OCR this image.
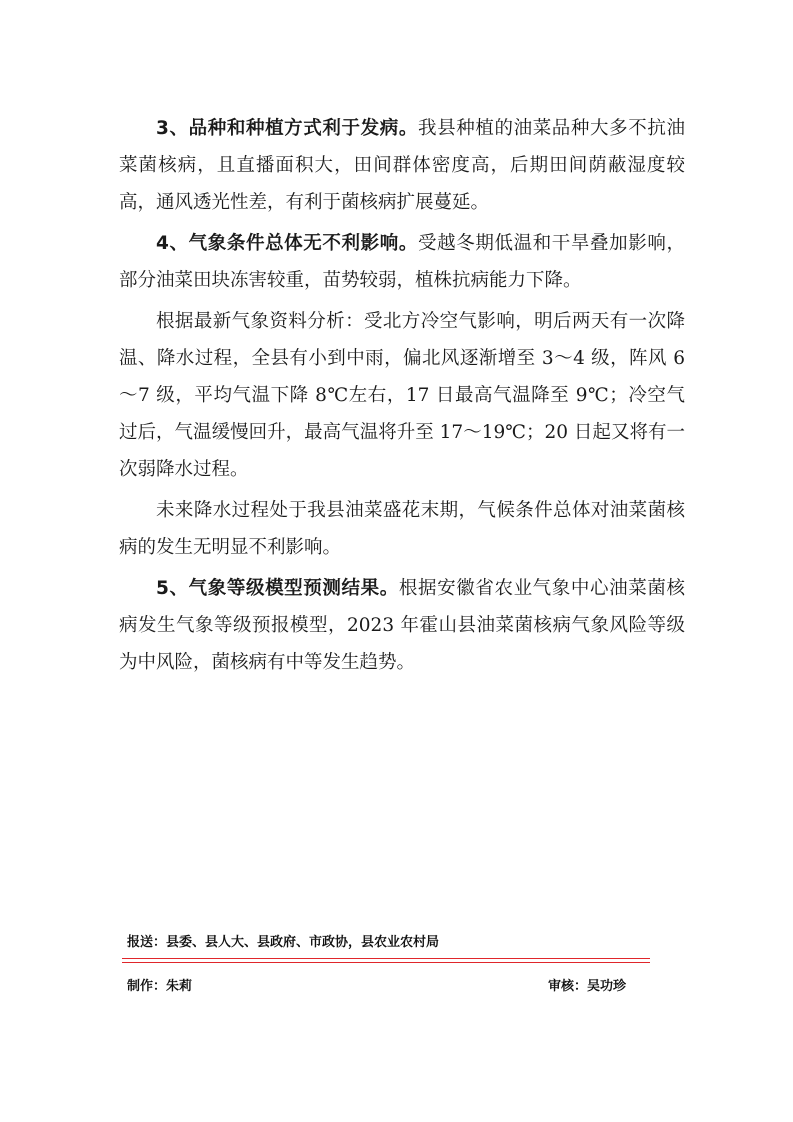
3、品种和种植方式利于发病。我县种植的油菜品种大多不抗油菜菌核病，且直播面积大，田间群体密度高，后期田间荫蔽湿度较高，通风透光性差，有利于菌核病扩展蔓延。

4、气象条件总体无不利影响。受越冬期低温和干旱叠加影响，部分油菜田块冻害较重，苗势较弱，植株抗病能力下降。

根据最新气象资料分析：受北方冷空气影响，明后两天有一次降温、降水过程，全县有小到中雨，偏北风逐渐增至 3～4 级，阵风 6～7 级，平均气温下降 8℃左右，17 日最高气温降至 9℃；冷空气过后，气温缓慢回升，最高气温将升至 17～19℃；20 日起又将有一次弱降水过程。

未来降水过程处于我县油菜盛花末期，气候条件总体对油菜菌核病的发生无明显不利影响。

5、气象等级模型预测结果。根据安徽省农业气象中心油菜菌核病发生气象等级预报模型，2023 年霍山县油菜菌核病气象风险等级为中风险，菌核病有中等发生趋势。

报送：县委、县人大、县政府、市政协，县农业农村局
制作：朱莉	审核：吴功珍
